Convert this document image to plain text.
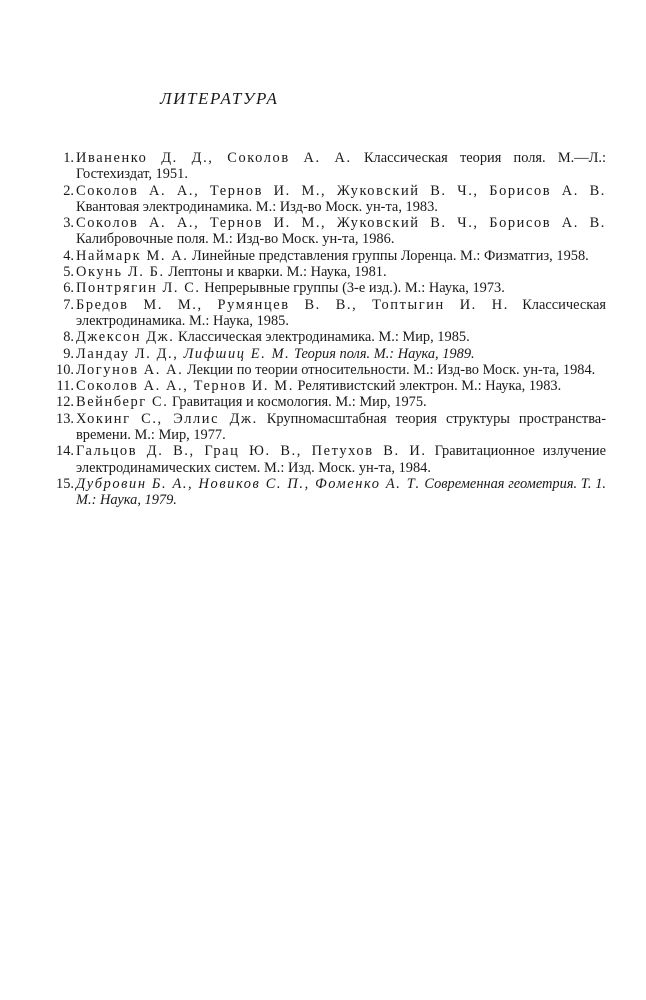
ЛИТЕРАТУРА
1. Иваненко Д. Д., Соколов А. А. Классическая теория поля. М.—Л.: Гостехиздат, 1951.
2. Соколов А. А., Тернов И. М., Жуковский В. Ч., Борисов А. В. Квантовая электродинамика. М.: Изд-во Моск. ун-та, 1983.
3. Соколов А. А., Тернов И. М., Жуковский В. Ч., Борисов А. В. Калибровочные поля. М.: Изд-во Моск. ун-та, 1986.
4. Наймарк М. А. Линейные представления группы Лоренца. М.: Физматгиз, 1958.
5. Окунь Л. Б. Лептоны и кварки. М.: Наука, 1981.
6. Понтрягин Л. С. Непрерывные группы (3-е изд.). М.: Наука, 1973.
7. Бредов М. М., Румянцев В. В., Топтыгин И. Н. Классическая электродинамика. М.: Наука, 1985.
8. Джексон Дж. Классическая электродинамика. М.: Мир, 1985.
9. Ландау Л. Д., Лифшиц Е. М. Теория поля. М.: Наука, 1989.
10. Логунов А. А. Лекции по теории относительности. М.: Изд-во Моск. ун-та, 1984.
11. Соколов А. А., Тернов И. М. Релятивистский электрон. М.: Наука, 1983.
12. Вейнберг С. Гравитация и космология. М.: Мир, 1975.
13. Хокинг С., Эллис Дж. Крупномасштабная теория структуры пространства-времени. М.: Мир, 1977.
14. Гальцов Д. В., Грац Ю. В., Петухов В. И. Гравитационное излучение электродинамических систем. М.: Изд. Моск. ун-та, 1984.
15. Дубровин Б. А., Новиков С. П., Фоменко А. Т. Современная геометрия. Т. 1. М.: Наука, 1979.
